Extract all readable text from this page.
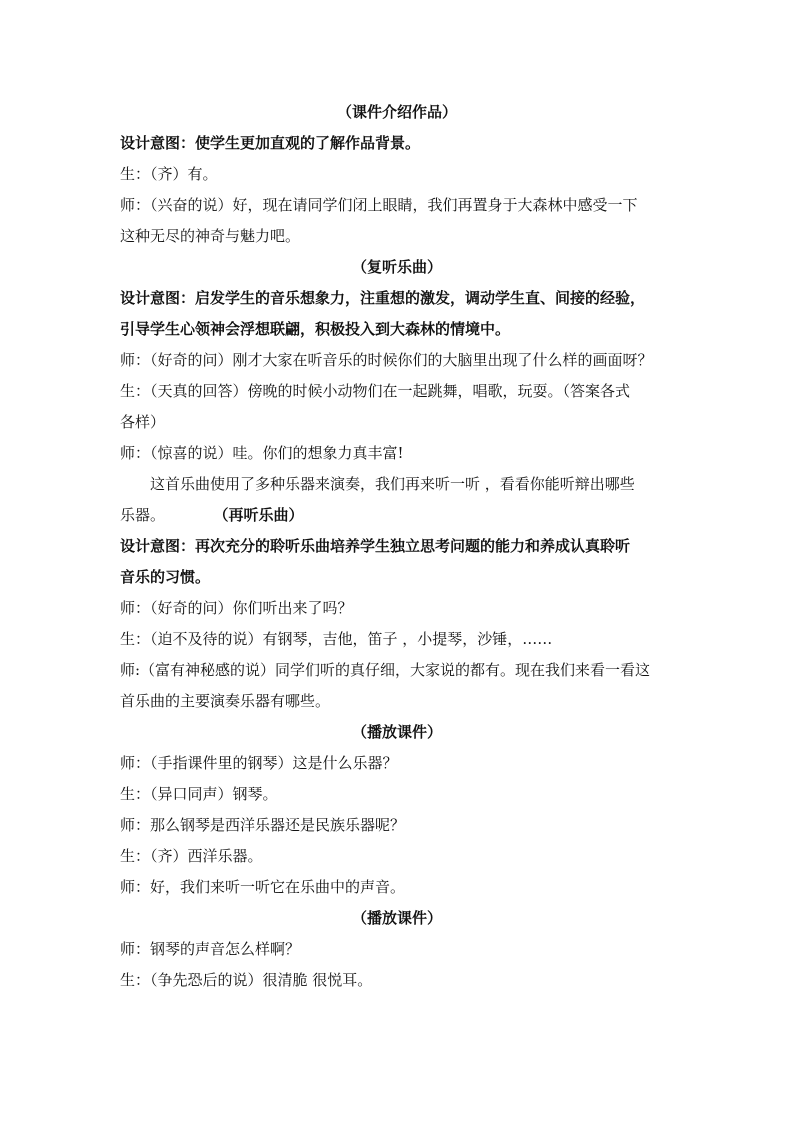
（课件介绍作品）
设计意图：使学生更加直观的了解作品背景。
生：（齐）有。
师：（兴奋的说）好，现在请同学们闭上眼睛，我们再置身于大森林中感受一下
这种无尽的神奇与魅力吧。
（复听乐曲）
设计意图：启发学生的音乐想象力，注重想的激发，调动学生直、间接的经验，
引导学生心领神会浮想联翩，积极投入到大森林的情境中。
师：（好奇的问）刚才大家在听音乐的时候你们的大脑里出现了什么样的画面呀？
生：（天真的回答）傍晚的时候小动物们在一起跳舞，唱歌，玩耍。（答案各式
各样）
师：（惊喜的说）哇。你们的想象力真丰富!
这首乐曲使用了多种乐器来演奏，我们再来听一听 ，看看你能听辩出哪些
乐器。	（再听乐曲）
设计意图：再次充分的聆听乐曲培养学生独立思考问题的能力和养成认真聆听
音乐的习惯。
师：（好奇的问）你们听出来了吗？
生：（迫不及待的说）有钢琴，吉他，笛子 ，小提琴，沙锤，……
师:（富有神秘感的说）同学们听的真仔细，大家说的都有。现在我们来看一看这
首乐曲的主要演奏乐器有哪些。
（播放课件）
师：（手指课件里的钢琴）这是什么乐器？
生：（异口同声）钢琴。
师：那么钢琴是西洋乐器还是民族乐器呢？
生：（齐）西洋乐器。
师：好，我们来听一听它在乐曲中的声音。
（播放课件）
师：钢琴的声音怎么样啊？
生：（争先恐后的说）很清脆 很悦耳。
